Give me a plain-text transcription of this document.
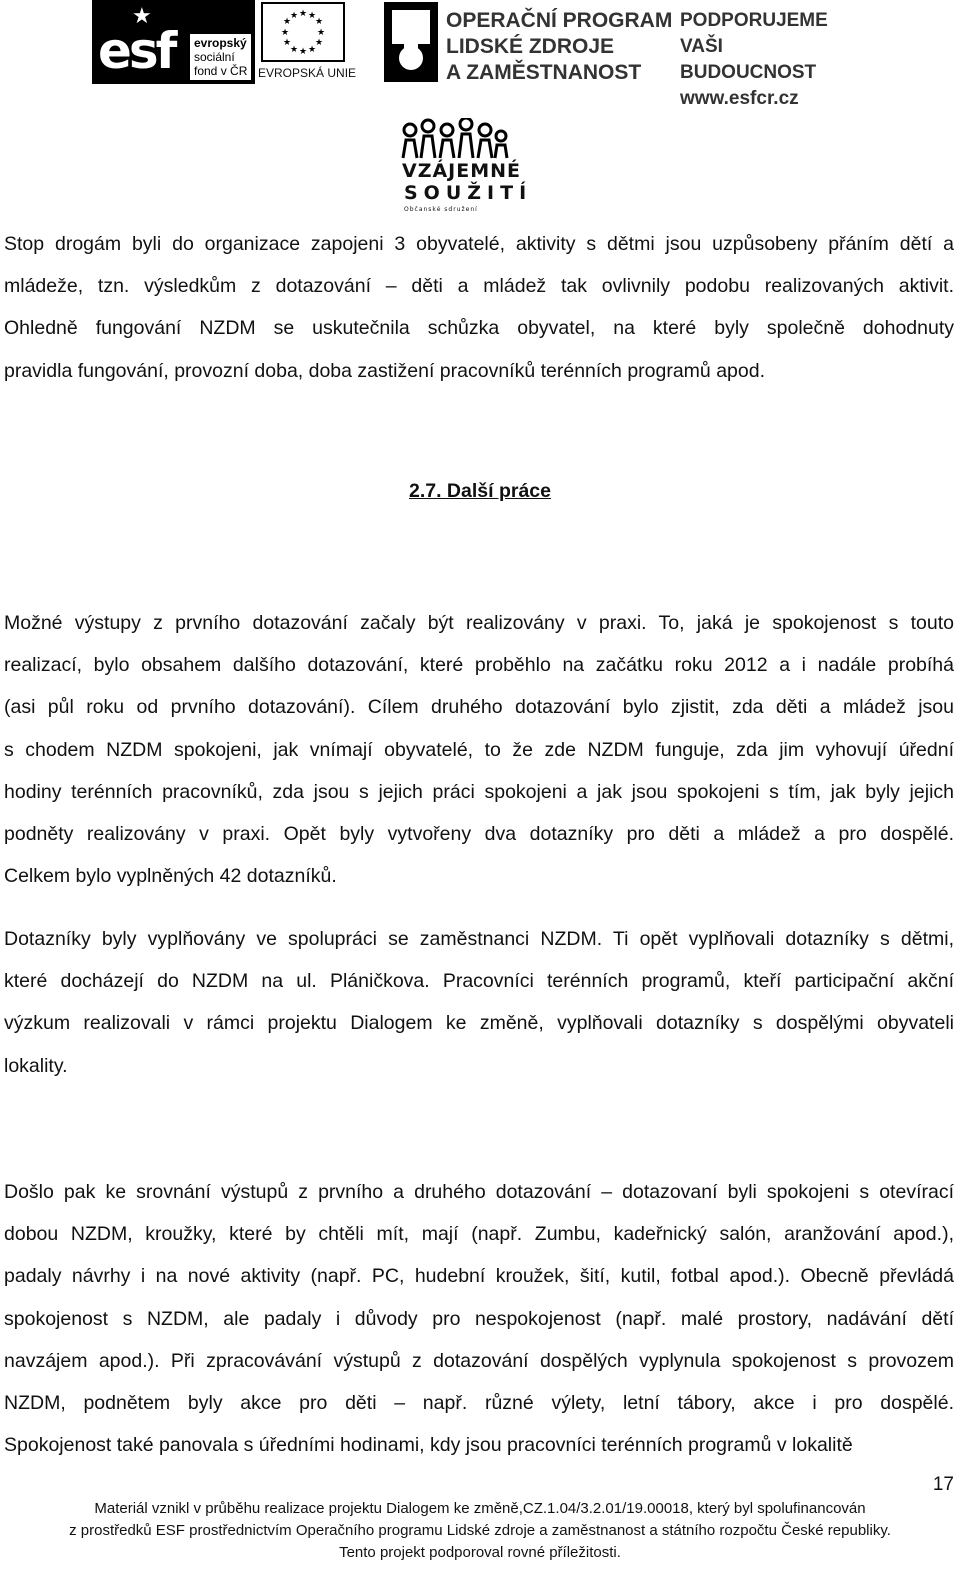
★
esf evropský
sociální
fond v ČR
★ ★
★
★
★
★
★
★
★
★
★
★
EVROPSKÁ UNIE
OPERAČNÍ PROGRAM
LIDSKÉ ZDROJE
A ZAMĚSTNANOST
PODPORUJEME
VAŠI BUDOUCNOST
www.esfcr.cz
VZÁJEMNÉ
SOUŽITÍ
Občanské sdružení
Stop drogám byli do organizace zapojeni 3 obyvatelé, aktivity s dětmi jsou uzpůsobeny přáním dětí a
mládeže, tzn. výsledkům z dotazování – děti a mládež tak ovlivnily podobu realizovaných aktivit.
Ohledně fungování NZDM se uskutečnila schůzka obyvatel, na které byly společně dohodnuty
pravidla fungování, provozní doba, doba zastižení pracovníků terénních programů apod.
2.7. Další práce
Možné výstupy z prvního dotazování začaly být realizovány v praxi. To, jaká je spokojenost s touto
realizací, bylo obsahem dalšího dotazování, které proběhlo na začátku roku 2012 a i nadále probíhá
(asi půl roku od prvního dotazování). Cílem druhého dotazování bylo zjistit, zda děti a mládež jsou
s chodem NZDM spokojeni, jak vnímají obyvatelé, to že zde NZDM funguje, zda jim vyhovují úřední
hodiny terénních pracovníků, zda jsou s jejich práci spokojeni a jak jsou spokojeni s tím, jak byly jejich
podněty realizovány v praxi. Opět byly vytvořeny dva dotazníky pro děti a mládež a pro dospělé.
Celkem bylo vyplněných 42 dotazníků.
Dotazníky byly vyplňovány ve spolupráci se zaměstnanci NZDM. Ti opět vyplňovali dotazníky s dětmi,
které docházejí do NZDM na ul. Pláničkova. Pracovníci terénních programů, kteří participační akční
výzkum realizovali v rámci projektu Dialogem ke změně, vyplňovali dotazníky s dospělými obyvateli
lokality.
Došlo pak ke srovnání výstupů z prvního a druhého dotazování – dotazovaní byli spokojeni s otevírací
dobou NZDM, kroužky, které by chtěli mít, mají (např. Zumbu, kadeřnický salón, aranžování apod.),
padaly návrhy i na nové aktivity (např. PC, hudební kroužek, šití, kutil, fotbal apod.). Obecně převládá
spokojenost s NZDM, ale padaly i důvody pro nespokojenost (např. malé prostory, nadávání dětí
navzájem apod.). Při zpracovávání výstupů z dotazování dospělých vyplynula spokojenost s provozem
NZDM, podnětem byly akce pro děti – např. různé výlety, letní tábory, akce i pro dospělé.
Spokojenost také panovala s úředními hodinami, kdy jsou pracovníci terénních programů v lokalitě
17
Materiál vznikl v průběhu realizace projektu Dialogem ke změně,CZ.1.04/3.2.01/19.00018, který byl spolufinancován
z prostředků ESF prostřednictvím Operačního programu Lidské zdroje a zaměstnanost a státního rozpočtu České republiky.
Tento projekt podporoval rovné příležitosti.
